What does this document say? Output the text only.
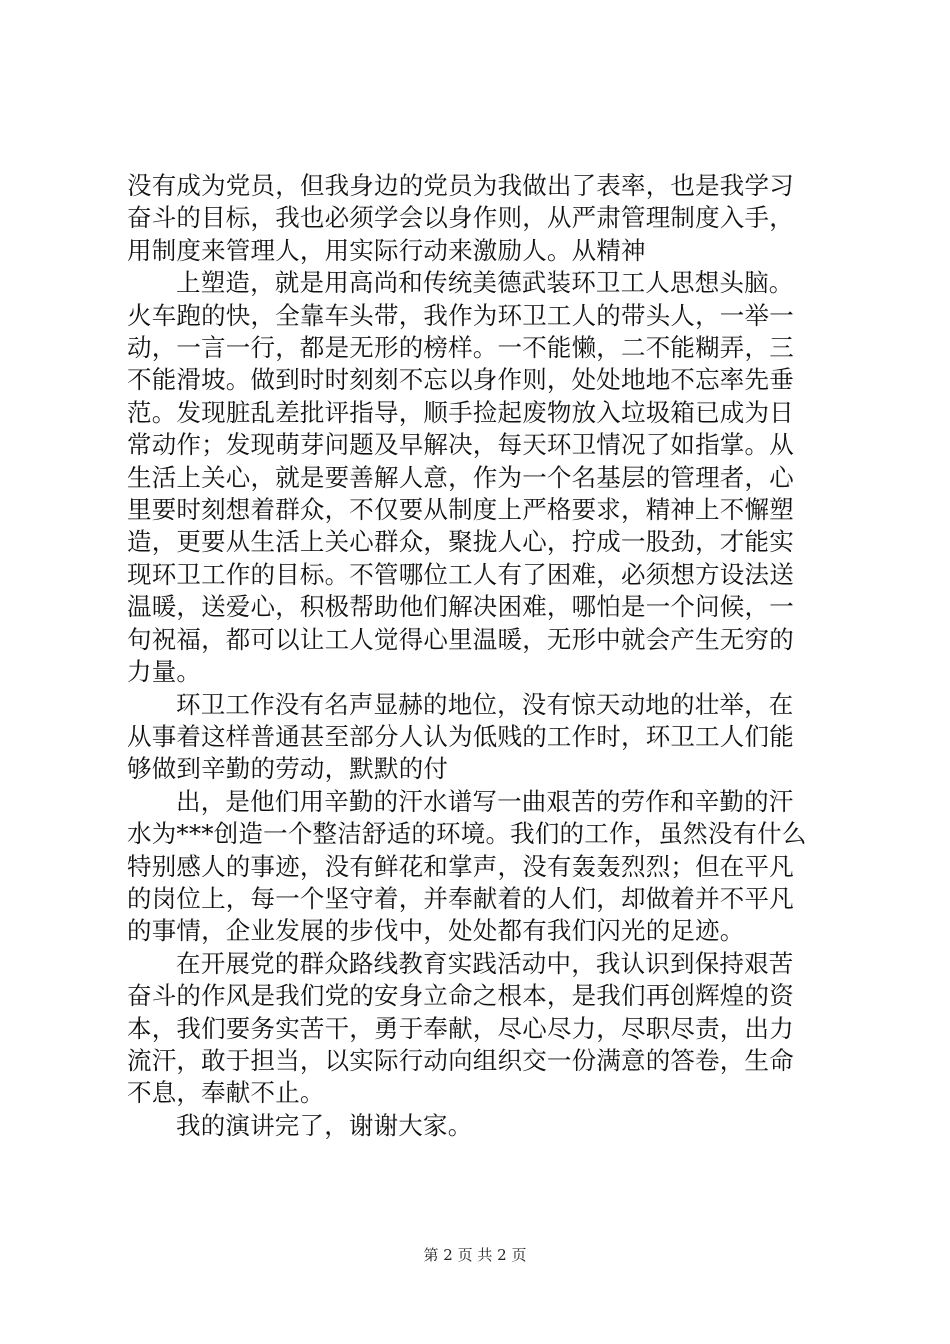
没有成为党员，但我身边的党员为我做出了表率，也是我学习
奋斗的目标，我也必须学会以身作则，从严肃管理制度入手，
用制度来管理人，用实际行动来激励人。从精神

上塑造，就是用高尚和传统美德武装环卫工人思想头脑。
火车跑的快，全靠车头带，我作为环卫工人的带头人，一举一
动，一言一行，都是无形的榜样。一不能懒，二不能糊弄，三
不能滑坡。做到时时刻刻不忘以身作则，处处地地不忘率先垂
范。发现脏乱差批评指导，顺手捡起废物放入垃圾箱已成为日
常动作；发现萌芽问题及早解决，每天环卫情况了如指掌。从
生活上关心，就是要善解人意，作为一个名基层的管理者，心
里要时刻想着群众，不仅要从制度上严格要求，精神上不懈塑
造，更要从生活上关心群众，聚拢人心，拧成一股劲，才能实
现环卫工作的目标。不管哪位工人有了困难，必须想方设法送
温暖，送爱心，积极帮助他们解决困难，哪怕是一个问候，一
句祝福，都可以让工人觉得心里温暖，无形中就会产生无穷的
力量。

环卫工作没有名声显赫的地位，没有惊天动地的壮举，在
从事着这样普通甚至部分人认为低贱的工作时，环卫工人们能
够做到辛勤的劳动，默默的付

出，是他们用辛勤的汗水谱写一曲艰苦的劳作和辛勤的汗
水为***创造一个整洁舒适的环境。我们的工作，虽然没有什么
特别感人的事迹，没有鲜花和掌声，没有轰轰烈烈；但在平凡
的岗位上，每一个坚守着，并奉献着的人们，却做着并不平凡
的事情，企业发展的步伐中，处处都有我们闪光的足迹。

在开展党的群众路线教育实践活动中，我认识到保持艰苦
奋斗的作风是我们党的安身立命之根本，是我们再创辉煌的资
本，我们要务实苦干，勇于奉献，尽心尽力，尽职尽责，出力
流汗，敢于担当，以实际行动向组织交一份满意的答卷，生命
不息，奉献不止。

我的演讲完了，谢谢大家。

第 2 页 共 2 页
